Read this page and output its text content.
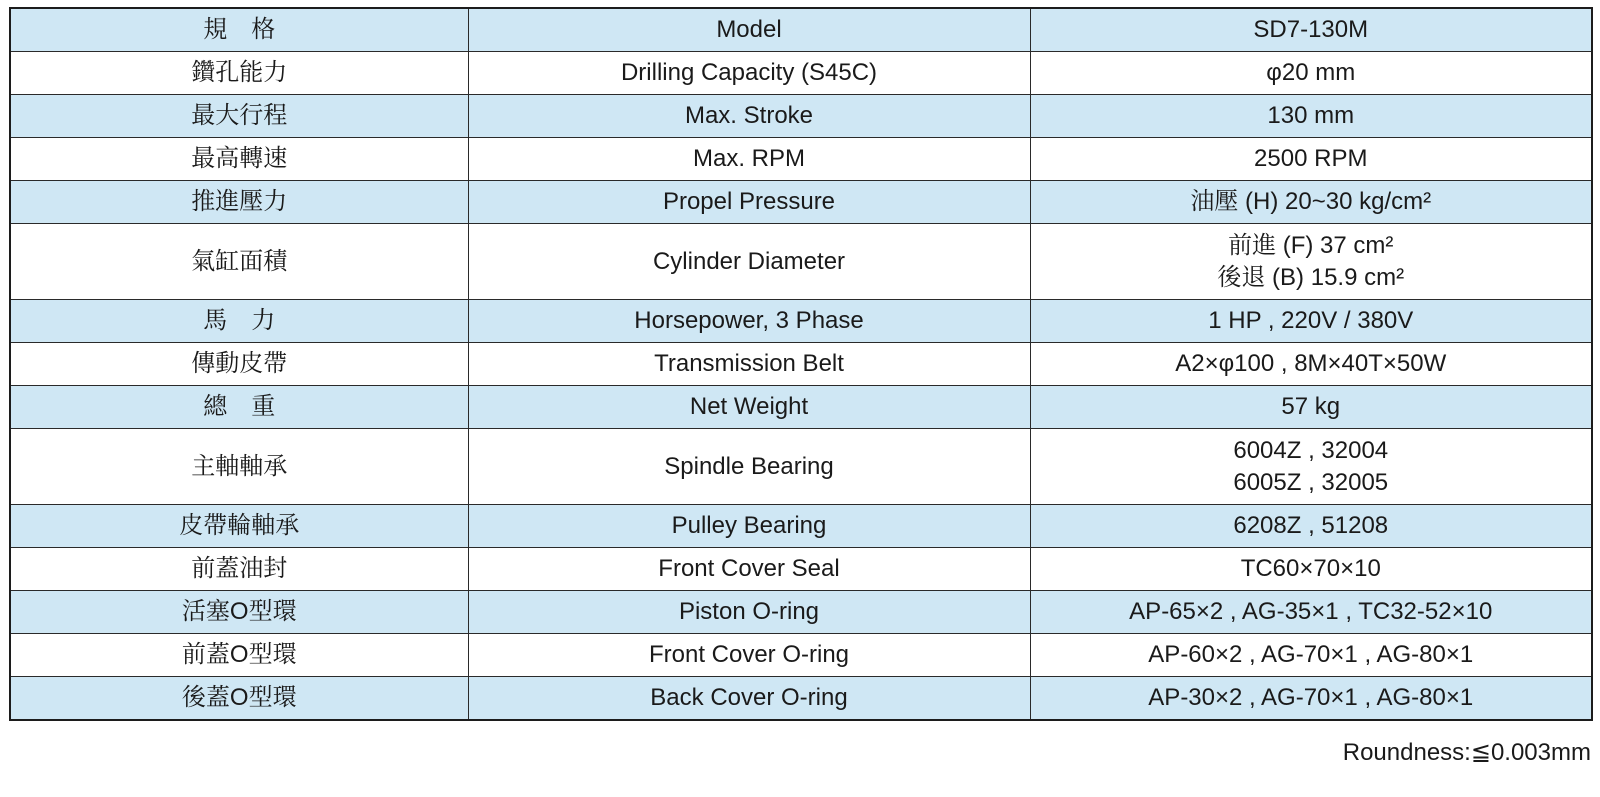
規　格	Model	SD7-130M
鑽孔能力	Drilling Capacity (S45C)	φ20 mm
最大行程	Max. Stroke	130 mm
最高轉速	Max. RPM	2500 RPM
推進壓力	Propel Pressure	油壓 (H) 20~30 kg/cm²
氣缸面積	Cylinder Diameter	前進 (F) 37 cm²
後退 (B) 15.9 cm²

馬　力	Horsepower, 3 Phase	1 HP , 220V / 380V
傳動皮帶	Transmission Belt	A2×φ100 , 8M×40T×50W
總　重	Net Weight	57 kg
主軸軸承	Spindle Bearing	6004Z , 32004
6005Z , 32005

皮帶輪軸承	Pulley Bearing	6208Z , 51208
前蓋油封	Front Cover Seal	TC60×70×10
活塞O型環	Piston O-ring	AP-65×2 , AG-35×1 , TC32-52×10
前蓋O型環	Front Cover O-ring	AP-60×2 , AG-70×1 , AG-80×1
後蓋O型環	Back Cover O-ring	AP-30×2 , AG-70×1 , AG-80×1
Roundness:≦0.003mm
